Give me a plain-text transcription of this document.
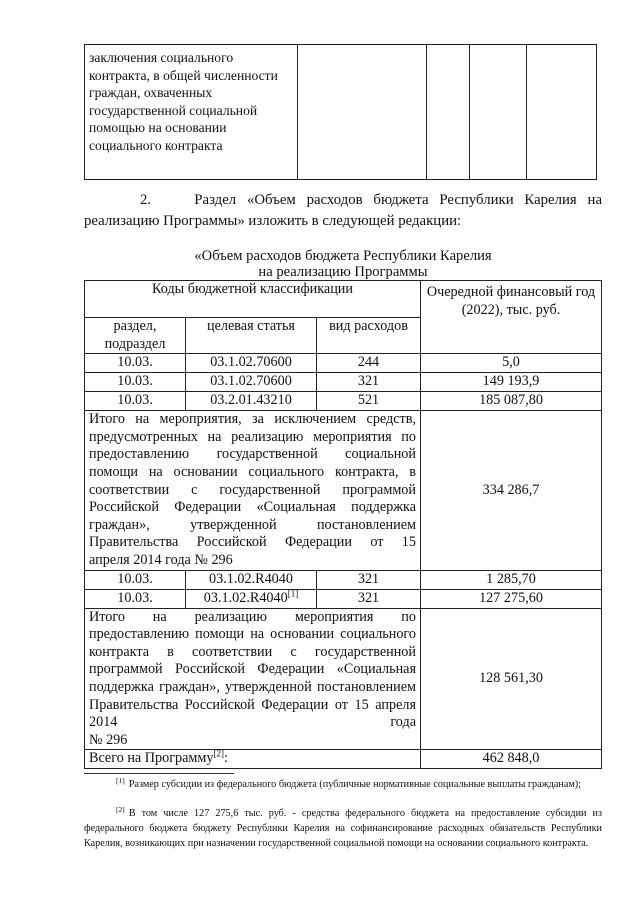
заключения социального контракта, в общей численности граждан, охваченных государственной социальной помощью на основании социального контракта				
2.	Раздел «Объем расходов бюджета Республики Карелия на реализацию Программы» изложить в следующей редакции:
«Объем расходов бюджета Республики Карелия
на реализацию Программы
Коды бюджетной классификации			Очередной финансовый год (2022), тыс. руб.
раздел, подраздел	целевая статья	вид расходов	
10.03.	03.1.02.70600	244	5,0
10.03.	03.1.02.70600	321	149 193,9
10.03.	03.2.01.43210	521	185 087,80
Итого на мероприятия, за исключением средств, предусмотренных на реализацию мероприятия по предоставлению государственной социальной помощи на основании социального контракта, в соответствии с государственной программой Российской Федерации «Социальная поддержка граждан», утвержденной постановлением Правительства Российской Федерации от 15
апреля 2014 года № 296			334 286,7
10.03.	03.1.02.R4040	321	1 285,70
10.03.	03.1.02.R4040[1]	321	127 275,60
Итого на реализацию мероприятия по предоставлению помощи на основании социального контракта в соответствии с государственной программой Российской Федерации «Социальная поддержка граждан», утвержденной постановлением Правительства Российской Федерации от 15 апреля 2014 года
№ 296			128 561,30
Всего на Программу[2]:			462 848,0
[1] Размер субсидии из федерального бюджета (публичные нормативные социальные выплаты гражданам);
[2] В том числе 127 275,6 тыс. руб. - средства федерального бюджета на предоставление субсидии из федерального бюджета бюджету Республики Карелия на софинансирование расходных обязательств Республики Карелия, возникающих при назначении государственной социальной помощи на основании социального контракта.
